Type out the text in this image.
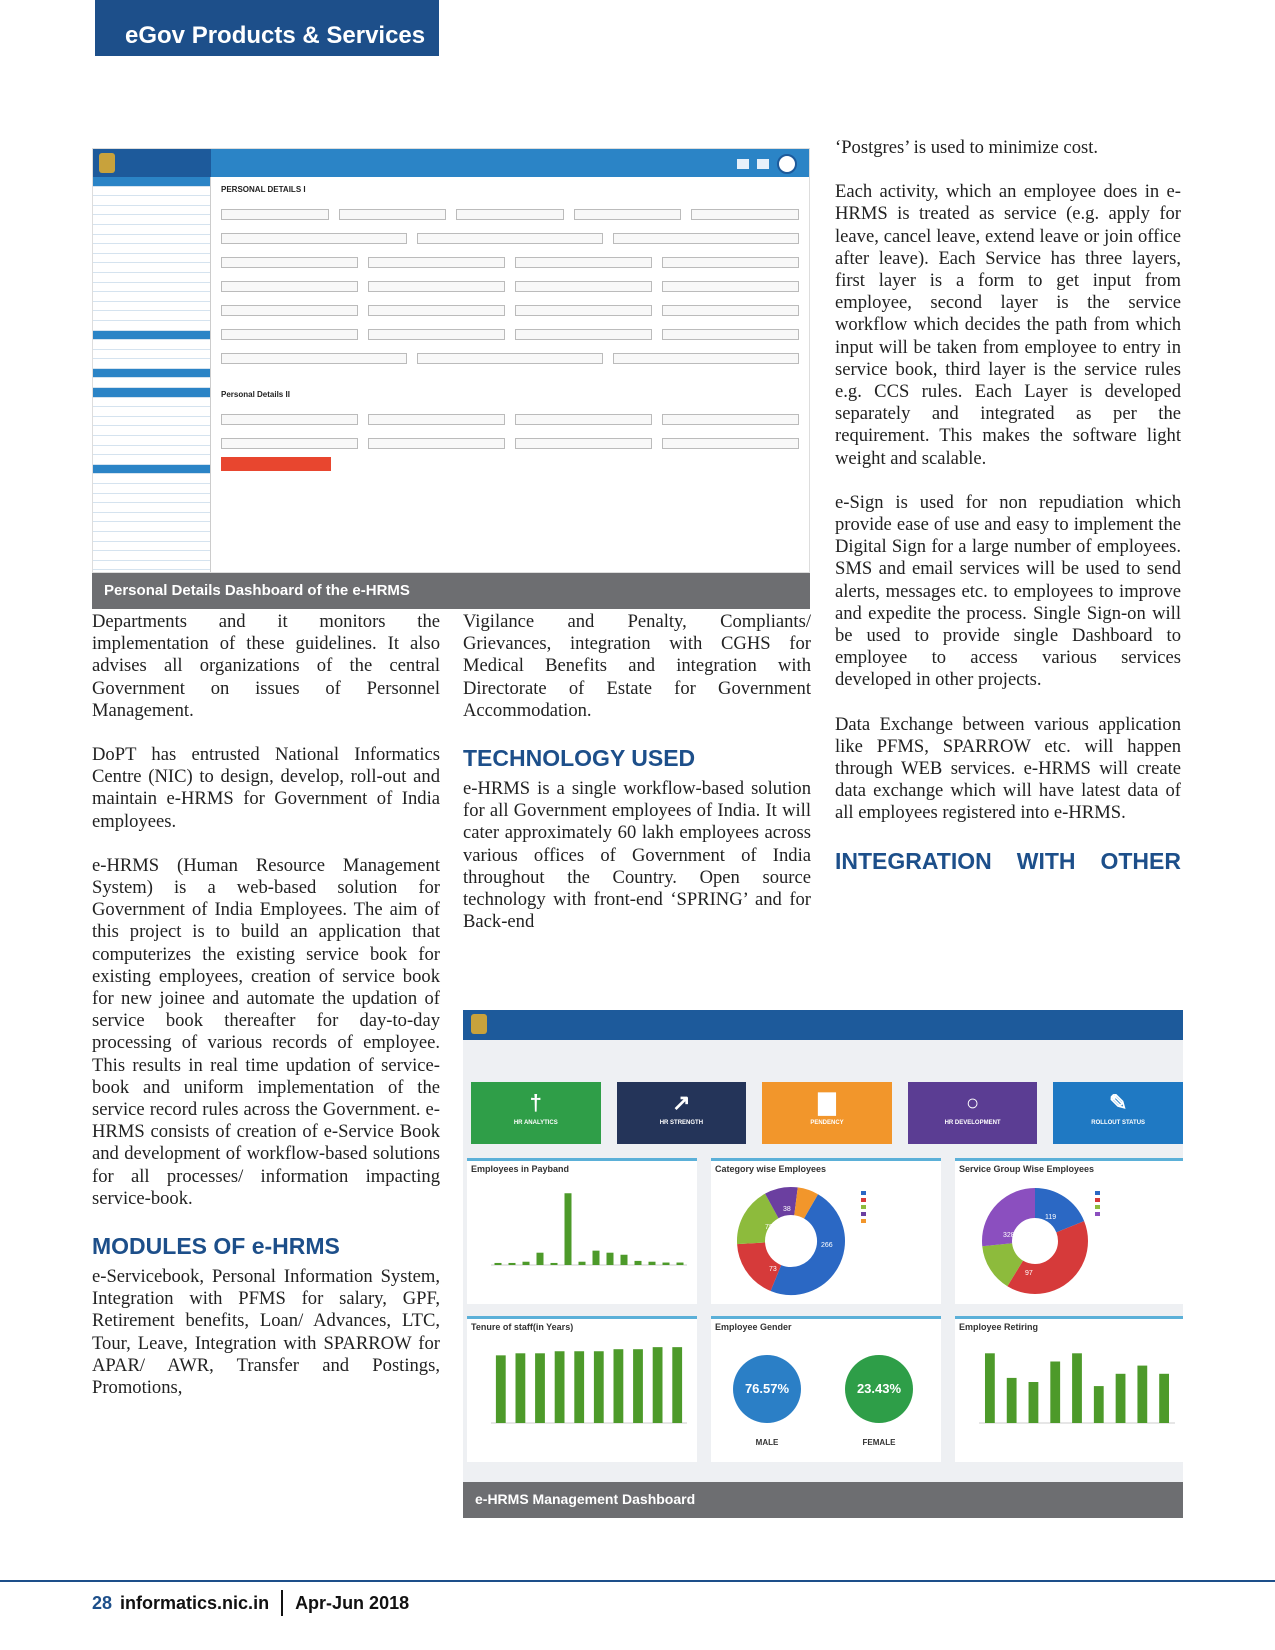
eGov Products & Services
PERSONAL DETAILS I
Personal Details II
Personal Details Dashboard of the e-HRMS

Departments and it monitors the implementation of these guidelines. It also advises all organizations of the central Government on issues of Personnel Management.

DoPT has entrusted National Informatics Centre (NIC) to design, develop, roll-out and maintain e-HRMS for Government of India employees.

e-HRMS (Human Resource Management System) is a web-based solution for Government of India Employees. The aim of this project is to build an application that computerizes the existing service book for existing employees, creation of service book for new joinee and automate the updation of service book thereafter for day-to-day processing of various records of employee. This results in real time updation of service-book and uniform implementation of the service record rules across the Government. e-HRMS consists of creation of e-Service Book and development of workflow-based solutions for all processes/ information impacting service-book.

MODULES OF e-HRMS

e-Servicebook, Personal Information System, Integration with PFMS for salary, GPF, Retirement benefits, Loan/ Advances, LTC, Tour, Leave, Integration with SPARROW for APAR/ AWR, Transfer and Postings, Promotions,

Vigilance and Penalty, Compliants/ Grievances, integration with CGHS for Medical Benefits and integration with Directorate of Estate for Government Accommodation.

TECHNOLOGY USED

e-HRMS is a single workflow-based solution for all Government employees of India. It will cater approximately 60 lakh employees across various offices of Government of India throughout the Country. Open source technology with front-end ‘SPRING’ and for Back-end

‘Postgres’ is used to minimize cost.

Each activity, which an employee does in e-HRMS is treated as service (e.g. apply for leave, cancel leave, extend leave or join office after leave). Each Service has three layers, first layer is a form to get input from employee, second layer is the service workflow which decides the path from which input will be taken from employee to entry in service book, third layer is the service rules e.g. CCS rules. Each Layer is developed separately and integrated as per the requirement. This makes the software light weight and scalable.

e-Sign is used for non repudiation which provide ease of use and easy to implement the Digital Sign for a large number of employees. SMS and email services will be used to send alerts, messages etc. to employees to improve and expedite the process. Single Sign-on will be used to provide single Dashboard to employee to access various services developed in other projects.

Data Exchange between various application like PFMS, SPARROW etc. will happen through WEB services. e-HRMS will create data exchange which will have latest data of all employees registered into e-HRMS.

INTEGRATION WITH OTHER
†
HR ANALYTICS
↗
HR STRENGTH
▇
PENDENCY
○
HR DEVELOPMENT
✎
ROLLOUT STATUS
Employees in Payband	Category wise Employees
78
38
73
266
Service Group Wise Employees
119
328
97
Tenure of staff(in Years)	Employee Gender
76.57%	23.43%
MALE	FEMALE
Employee Retiring
e-HRMS Management Dashboard
28 informatics.nic.in Apr-Jun 2018
